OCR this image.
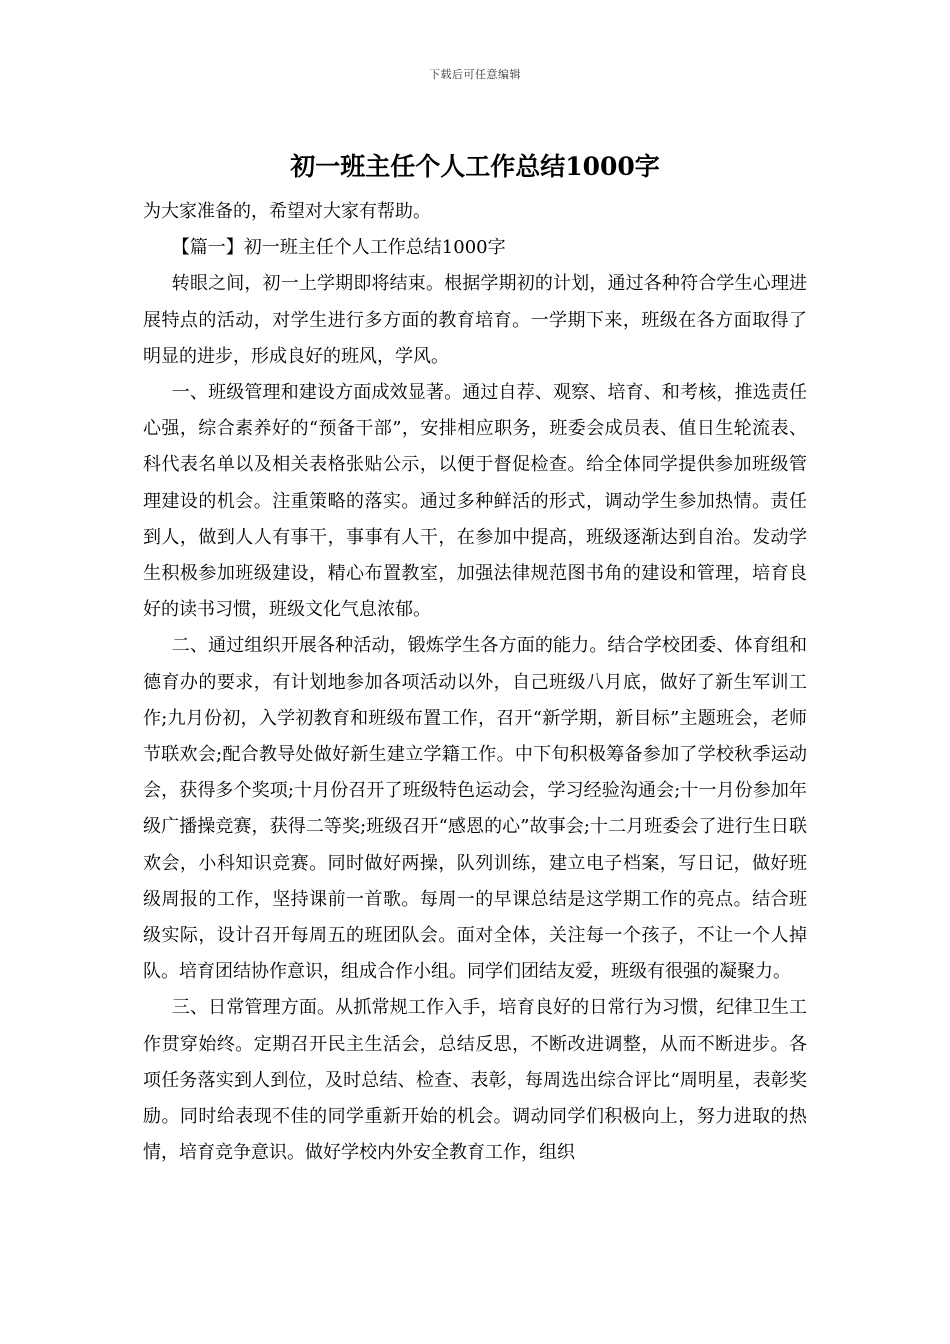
下载后可任意编辑
初一班主任个人工作总结1000字

为大家准备的，希望对大家有帮助。

【篇一】初一班主任个人工作总结1000字

转眼之间，初一上学期即将结束。根据学期初的计划，通过各种符合学生心理进展特点的活动，对学生进行多方面的教育培育。一学期下来，班级在各方面取得了明显的进步，形成良好的班风，学风。

一、班级管理和建设方面成效显著。通过自荐、观察、培育、和考核，推选责任心强，综合素养好的“预备干部”，安排相应职务，班委会成员表、值日生轮流表、科代表名单以及相关表格张贴公示，以便于督促检查。给全体同学提供参加班级管理建设的机会。注重策略的落实。通过多种鲜活的形式，调动学生参加热情。责任到人，做到人人有事干，事事有人干，在参加中提高，班级逐渐达到自治。发动学生积极参加班级建设，精心布置教室，加强法律规范图书角的建设和管理，培育良好的读书习惯，班级文化气息浓郁。

二、通过组织开展各种活动，锻炼学生各方面的能力。结合学校团委、体育组和德育办的要求，有计划地参加各项活动以外，自己班级八月底，做好了新生军训工作;九月份初，入学初教育和班级布置工作，召开“新学期，新目标”主题班会，老师节联欢会;配合教导处做好新生建立学籍工作。中下旬积极筹备参加了学校秋季运动会，获得多个奖项;十月份召开了班级特色运动会，学习经验沟通会;十一月份参加年级广播操竞赛，获得二等奖;班级召开“感恩的心”故事会;十二月班委会了进行生日联欢会，小科知识竞赛。同时做好两操，队列训练，建立电子档案，写日记，做好班级周报的工作，坚持课前一首歌。每周一的早课总结是这学期工作的亮点。结合班级实际，设计召开每周五的班团队会。面对全体，关注每一个孩子，不让一个人掉队。培育团结协作意识，组成合作小组。同学们团结友爱，班级有很强的凝聚力。

三、日常管理方面。从抓常规工作入手，培育良好的日常行为习惯，纪律卫生工作贯穿始终。定期召开民主生活会，总结反思，不断改进调整，从而不断进步。各项任务落实到人到位，及时总结、检查、表彰，每周选出综合评比“周明星，表彰奖励。同时给表现不佳的同学重新开始的机会。调动同学们积极向上，努力进取的热情，培育竞争意识。做好学校内外安全教育工作，组织
